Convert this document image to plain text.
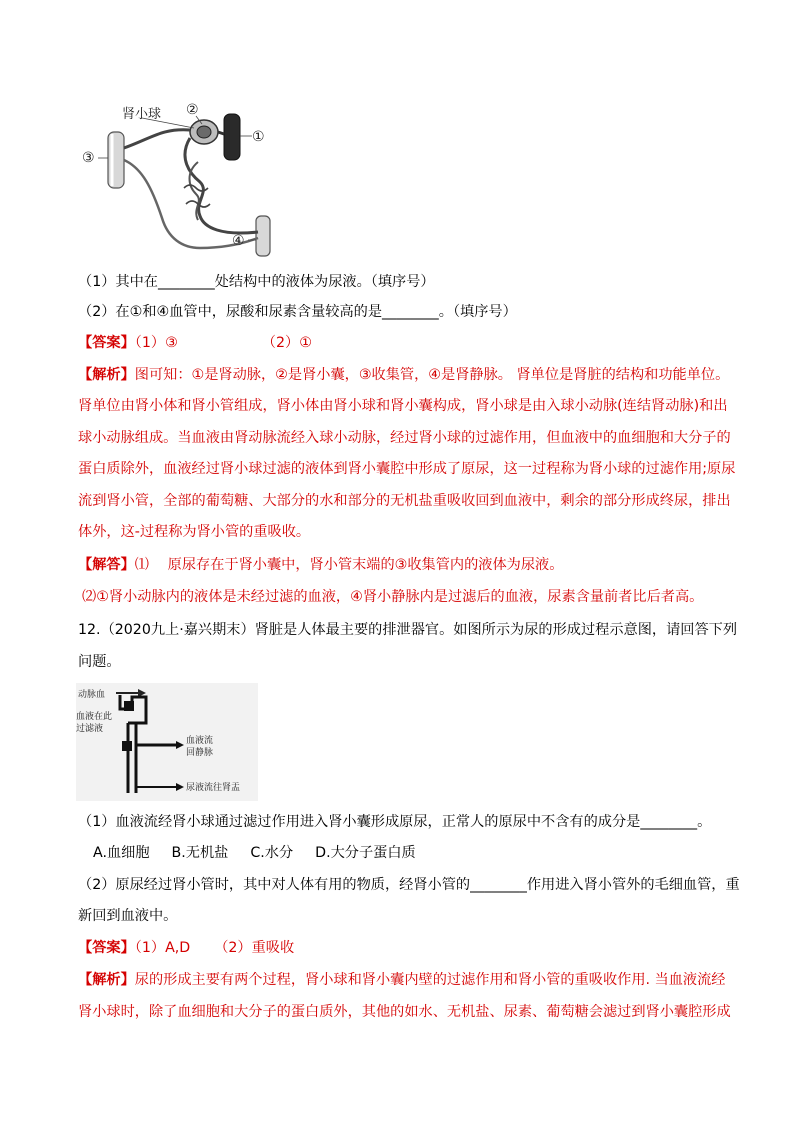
肾小球 ②
①
③
④
（1）其中在________处结构中的液体为尿液。（填序号）
（2）在①和④血管中，尿酸和尿素含量较高的是________。（填序号）
【答案】（1）③	（2）①
【解析】图可知：①是肾动脉，②是肾小囊，③收集管，④是肾静脉。 肾单位是肾脏的结构和功能单位。
肾单位由肾小体和肾小管组成，肾小体由肾小球和肾小囊构成，肾小球是由入球小动脉(连结肾动脉)和出
球小动脉组成。当血液由肾动脉流经入球小动脉，经过肾小球的过滤作用，但血液中的血细胞和大分子的
蛋白质除外，血液经过肾小球过滤的液体到肾小囊腔中形成了原尿，这一过程称为肾小球的过滤作用;原尿
流到肾小管，全部的葡萄糖、大部分的水和部分的无机盐重吸收回到血液中，剩余的部分形成终尿，排出
体外，这-过程称为肾小管的重吸收。
【解答】⑴ 　原尿存在于肾小囊中，肾小管末端的③收集管内的液体为尿液。
⑵①肾小动脉内的液体是未经过滤的血液，④肾小静脉内是过滤后的血液，尿素含量前者比后者高。
12.（2020九上·嘉兴期末）肾脏是人体最主要的排泄器官。如图所示为尿的形成过程示意图，请回答下列
问题。
动脉血
血液在此
过滤液
血液流
回静脉
尿液流往肾盂
（1）血液流经肾小球通过滤过作用进入肾小囊形成原尿，正常人的原尿中不含有的成分是________。
A.血细胞 B.无机盐 C.水分 D.大分子蛋白质
（2）原尿经过肾小管时，其中对人体有用的物质，经肾小管的________作用进入肾小管外的毛细血管，重
新回到血液中。
【答案】（1）A,D （2）重吸收
【解析】尿的形成主要有两个过程，肾小球和肾小囊内壁的过滤作用和肾小管的重吸收作用. 当血液流经
肾小球时，除了血细胞和大分子的蛋白质外，其他的如水、无机盐、尿素、葡萄糖会滤过到肾小囊腔形成
